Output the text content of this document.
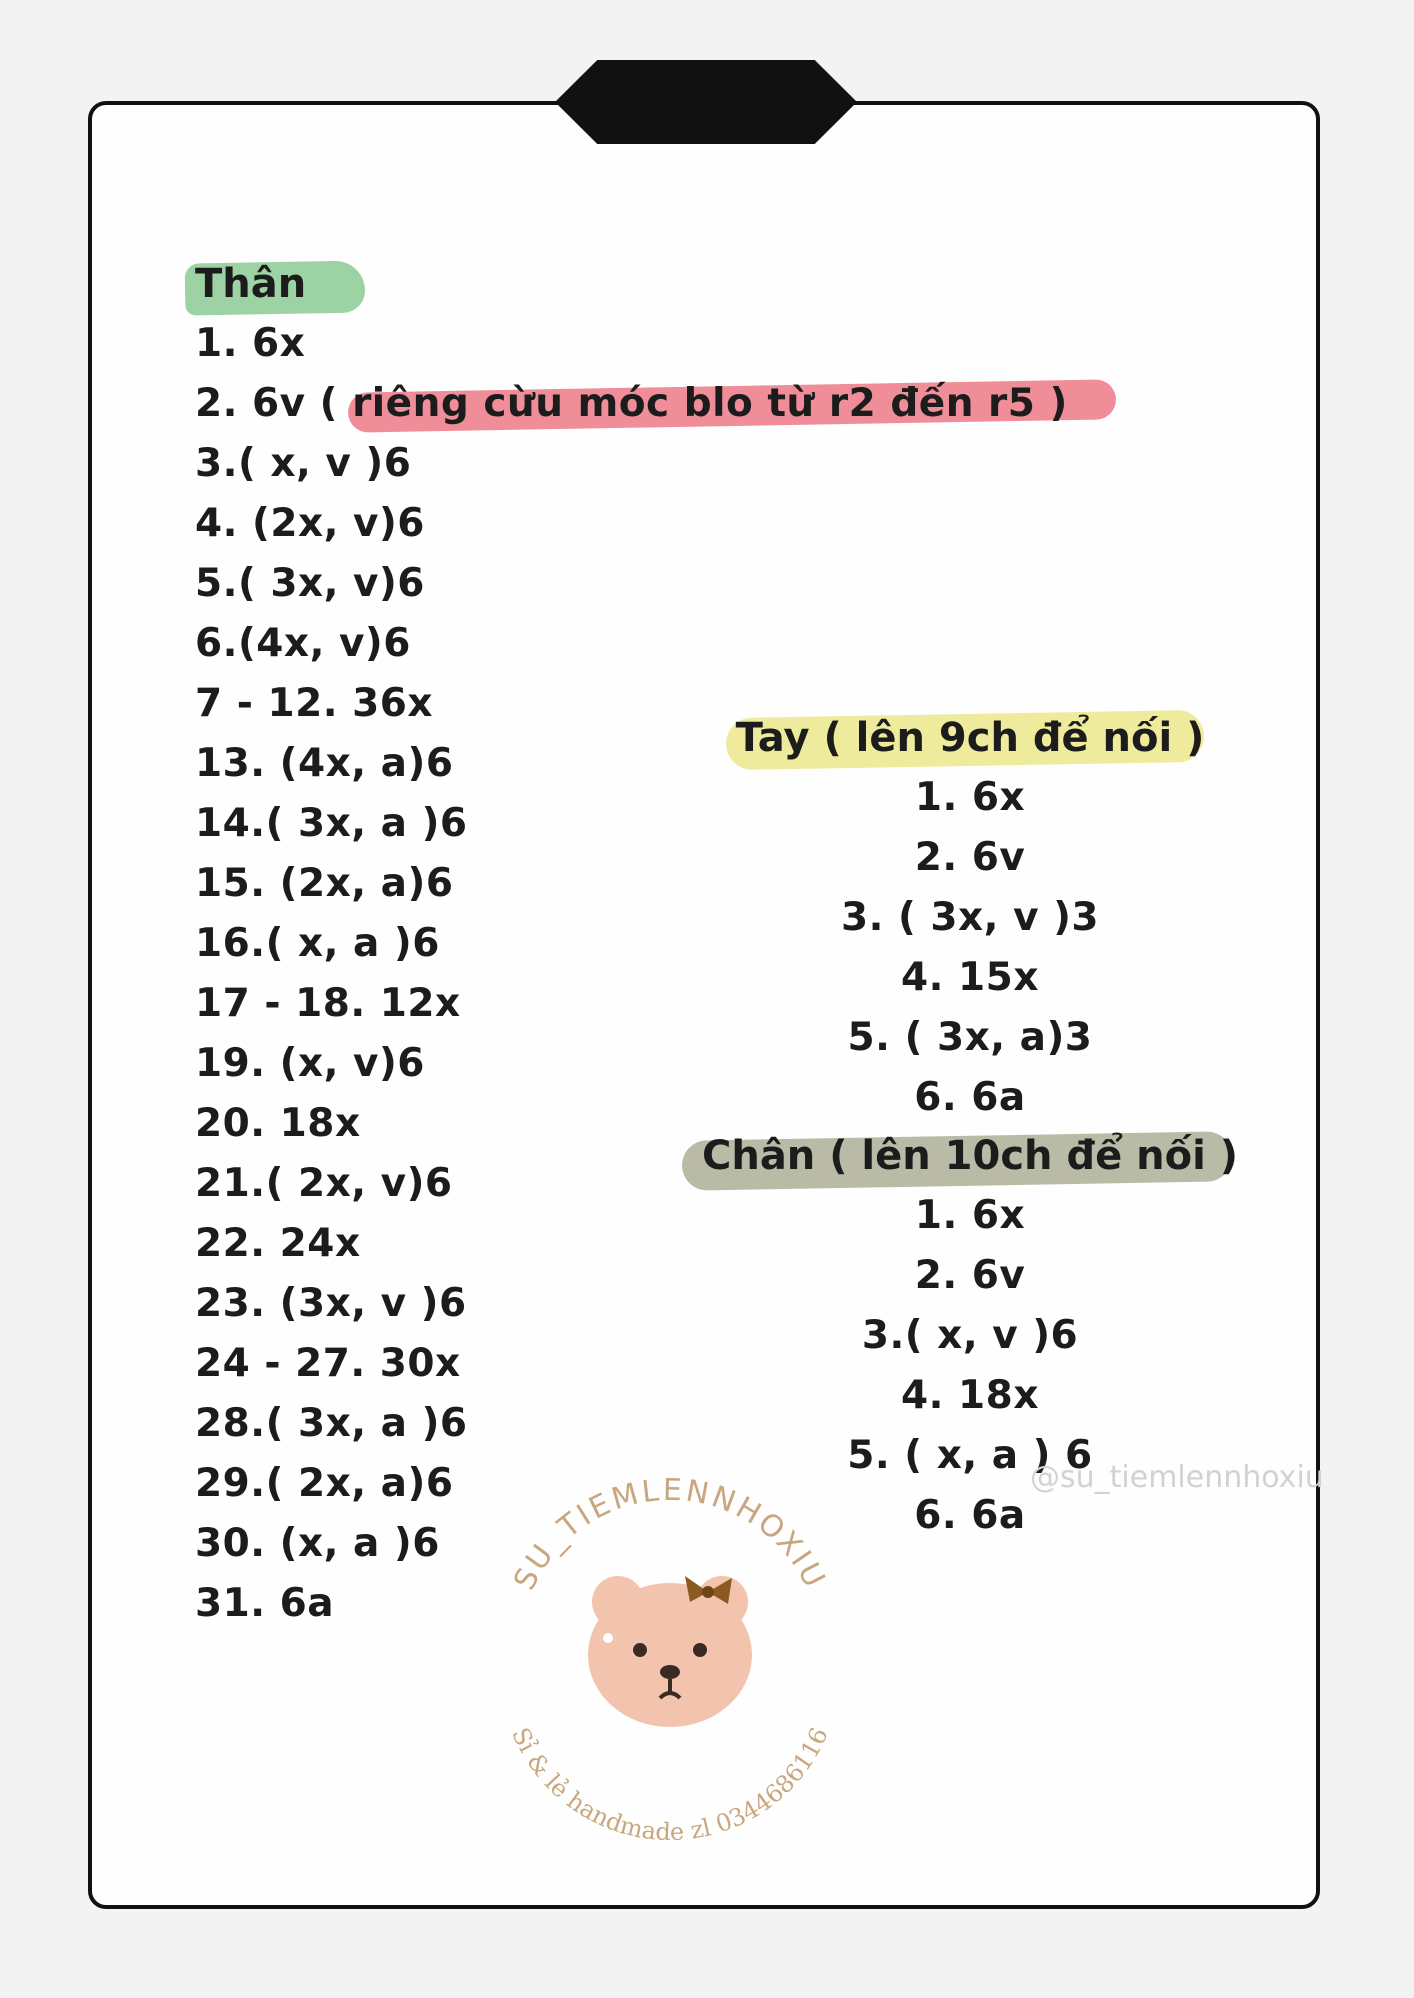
Thân
1. 6x
2. 6v ( riêng cừu móc blo từ r2 đến r5 )
3.( x, v )6
4. (2x, v)6
5.( 3x, v)6
6.(4x, v)6
7 - 12. 36x
13. (4x, a)6
14.( 3x, a )6
15. (2x, a)6
16.( x, a )6
17 - 18. 12x
19. (x, v)6
20. 18x
21.( 2x, v)6
22. 24x
23. (3x, v )6
24 - 27. 30x
28.( 3x, a )6
29.( 2x, a)6
30. (x, a )6
31. 6a
Tay ( lên 9ch để nối )
1. 6x
2. 6v
3. ( 3x, v )3
4. 15x
5. ( 3x, a)3
6. 6a
Chân ( lên 10ch để nối )
1. 6x
2. 6v
3.( x, v )6
4. 18x
5. ( x, a ) 6
6. 6a
@su_tiemlennhoxiu
SU_TIEMLENNHOXIU
Sỉ & lẻ handmade zl 0344686116
